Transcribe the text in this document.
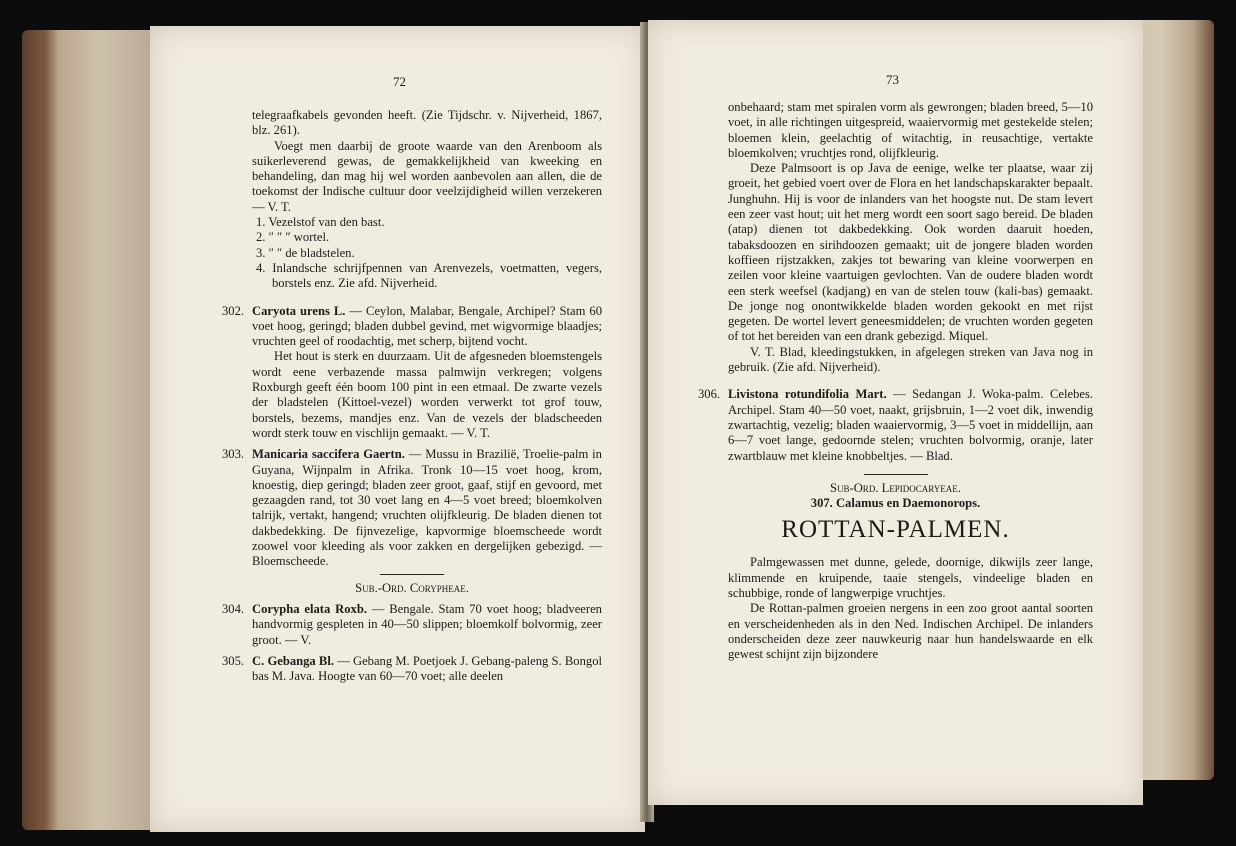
72

telegraafkabels gevonden heeft. (Zie Tijdschr. v. Nijverheid, 1867, blz. 261).

Voegt men daarbij de groote waarde van den Arenboom als suikerleverend gewas, de gemakkelijkheid van kweeking en behandeling, dan mag hij wel worden aanbevolen aan allen, die de toekomst der Indische cultuur door veelzijdigheid willen verzekeren — V. T.

1. Vezelstof van den bast.

2. ″ ″ ″ wortel.

3. ″ ″ de bladstelen.

4. Inlandsche schrijfpennen van Arenvezels, voetmatten, vegers, borstels enz. Zie afd. Nijverheid.

302. Caryota urens L. — Ceylon, Malabar, Bengale, Archipel? Stam 60 voet hoog, geringd; bladen dubbel gevind, met wigvormige blaadjes; vruchten geel of roodachtig, met scherp, bijtend vocht.

Het hout is sterk en duurzaam. Uit de afgesneden bloemstengels wordt eene verbazende massa palmwijn verkregen; volgens Roxburgh geeft één boom 100 pint in een etmaal. De zwarte vezels der bladstelen (Kittoel-vezel) worden verwerkt tot grof touw, borstels, bezems, mandjes enz. Van de vezels der bladscheeden wordt sterk touw en vischlijn gemaakt. — V. T.

303. Manicaria saccifera Gaertn. — Mussu in Brazilië, Troelie-palm in Guyana, Wijnpalm in Afrika. Tronk 10—15 voet hoog, krom, knoestig, diep geringd; bladen zeer groot, gaaf, stijf en gevoord, met gezaagden rand, tot 30 voet lang en 4—5 voet breed; bloemkolven talrijk, vertakt, hangend; vruchten olijfkleurig. De bladen dienen tot dakbedekking. De fijnvezelige, kapvormige bloemscheede wordt zoowel voor kleeding als voor zakken en dergelijken gebezigd. — Bloemscheede.

Sub.-Ord. Corypheae.

304. Corypha elata Roxb. — Bengale. Stam 70 voet hoog; bladveeren handvormig gespleten in 40—50 slippen; bloemkolf bolvormig, zeer groot. — V.
305. C. Gebanga Bl. — Gebang M. Poetjoek J. Gebang-paleng S. Bongol bas M. Java. Hoogte van 60—70 voet; alle deelen
73

onbehaard; stam met spiralen vorm als gewrongen; bladen breed, 5—10 voet, in alle richtingen uitgespreid, waaiervormig met gestekelde stelen; bloemen klein, geelachtig of witachtig, in reusachtige, vertakte bloemkolven; vruchtjes rond, olijfkleurig.

Deze Palmsoort is op Java de eenige, welke ter plaatse, waar zij groeit, het gebied voert over de Flora en het landschapskarakter bepaalt. Junghuhn. Hij is voor de inlanders van het hoogste nut. De stam levert een zeer vast hout; uit het merg wordt een soort sago bereid. De bladen (atap) dienen tot dakbedekking. Ook worden daaruit hoeden, tabaksdoozen en sirihdoozen gemaakt; uit de jongere bladen worden koffieen rijstzakken, zakjes tot bewaring van kleine voorwerpen en zeilen voor kleine vaartuigen gevlochten. Van de oudere bladen wordt een sterk weefsel (kadjang) en van de stelen touw (kali-bas) gemaakt. De jonge nog onontwikkelde bladen worden gekookt en met rijst gegeten. De wortel levert geneesmiddelen; de vruchten worden gegeten of tot het bereiden van een drank gebezigd. Miquel.

V. T. Blad, kleedingstukken, in afgelegen streken van Java nog in gebruik. (Zie afd. Nijverheid).

306. Livistona rotundifolia Mart. — Sedangan J. Woka-palm. Celebes. Archipel. Stam 40—50 voet, naakt, grijsbruin, 1—2 voet dik, inwendig zwartachtig, vezelig; bladen waaiervormig, 3—5 voet in middellijn, aan 6—7 voet lange, gedoornde stelen; vruchten bolvormig, oranje, later zwartblauw met kleine knobbeltjes. — Blad.

Sub-Ord. Lepidocaryeae.

307. Calamus en Daemonorops.

ROTTAN-PALMEN.

Palmgewassen met dunne, gelede, doornige, dikwijls zeer lange, klimmende en kruipende, taaie stengels, vindeelige bladen en schubbige, ronde of langwerpige vruchtjes.

De Rottan-palmen groeien nergens in een zoo groot aantal soorten en verscheidenheden als in den Ned. Indischen Archipel. De inlanders onderscheiden deze zeer nauwkeurig naar hun handelswaarde en elk gewest schijnt zijn bijzondere
